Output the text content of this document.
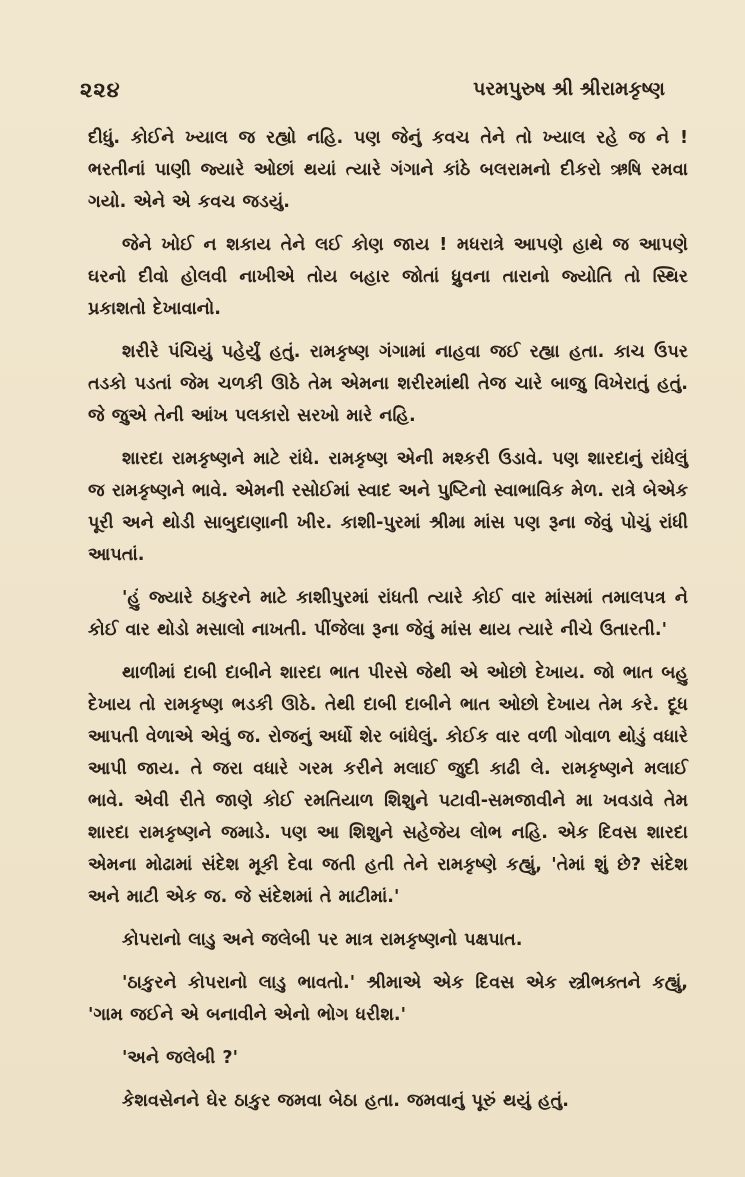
૨૨૪	પરમપુરુષ શ્રી શ્રીરામકૃષ્ણ

દીધું. કોઈને ખ્યાલ જ રહ્યો નહિ. પણ જેનું કવચ તેને તો ખ્યાલ રહે જ ને ! ભરતીનાં પાણી જ્યારે ઓછાં થયાં ત્યારે ગંગાને કાંઠે બલરામનો દીકરો ઋષિ રમવા ગયો. એને એ કવચ જડયું.

જેને ખોઈ ન શકાય તેને લઈ કોણ જાય ! મધરાત્રે આપણે હાથે જ આપણે ઘરનો દીવો હોલવી નાખીએ તોય બહાર જોતાં ધ્રુવના તારાનો જ્યોતિ તો સ્થિર પ્રકાશતો દેખાવાનો.

શરીરે પંચિયું પહેર્યું હતું. રામકૃષ્ણ ગંગામાં નાહવા જઈ રહ્યા હતા. કાચ ઉપર તડકો પડતાં જેમ ચળકી ઊઠે તેમ એમના શરીરમાંથી તેજ ચારે બાજુ વિખેરાતું હતું. જે જુએ તેની આંખ પલકારો સરખો મારે નહિ.

શારદા રામકૃષ્ણને માટે રાંધે. રામકૃષ્ણ એની મશ્કરી ઉડાવે. પણ શારદાનું રાંધેલું જ રામકૃષ્ણને ભાવે. એમની રસોઈમાં સ્વાદ અને પુષ્ટિનો સ્વાભાવિક મેળ. રાત્રે બેએક પૂરી અને થોડી સાબુદાણાની ખીર. કાશી-પુરમાં શ્રીમા માંસ પણ રૂના જેવું પોચું રાંધી આપતાં.

'હું જ્યારે ઠાકુરને માટે કાશીપુરમાં રાંધતી ત્યારે કોઈ વાર માંસમાં તમાલપત્ર ને કોઈ વાર થોડો મસાલો નાખતી. પીંજેલા રૂના જેવું માંસ થાય ત્યારે નીચે ઉતારતી.'

થાળીમાં દાબી દાબીને શારદા ભાત પીરસે જેથી એ ઓછો દેખાય. જો ભાત બહુ દેખાય તો રામકૃષ્ણ ભડકી ઊઠે. તેથી દાબી દાબીને ભાત ઓછો દેખાય તેમ કરે. દૂધ આપતી વેળાએ એવું જ. રોજનું અર્ધો શેર બાંધેલું. કોઈક વાર વળી ગોવાળ થોડું વધારે આપી જાય. તે જરા વધારે ગરમ કરીને મલાઈ જુદી કાઢી લે. રામકૃષ્ણને મલાઈ ભાવે. એવી રીતે જાણે કોઈ રમતિયાળ શિશુને પટાવી-સમજાવીને મા ખવડાવે તેમ શારદા રામકૃષ્ણને જમાડે. પણ આ શિશુને સહેજેય લોભ નહિ. એક દિવસ શારદા એમના મોઢામાં સંદેશ મૂકી દેવા જતી હતી તેને રામકૃષ્ણે કહ્યું, 'તેમાં શું છે? સંદેશ અને માટી એક જ. જે સંદેશમાં તે માટીમાં.'

કોપરાનો લાડુ અને જલેબી પર માત્ર રામકૃષ્ણનો પક્ષપાત.

'ઠાકુરને કોપરાનો લાડુ ભાવતો.' શ્રીમાએ એક દિવસ એક સ્ત્રીભક્તને કહ્યું, 'ગામ જઈને એ બનાવીને એનો ભોગ ધરીશ.'

'અને જલેબી ?'

કેશવસેનને ઘેર ઠાકુર જમવા બેઠા હતા. જમવાનું પૂરું થયું હતું.
